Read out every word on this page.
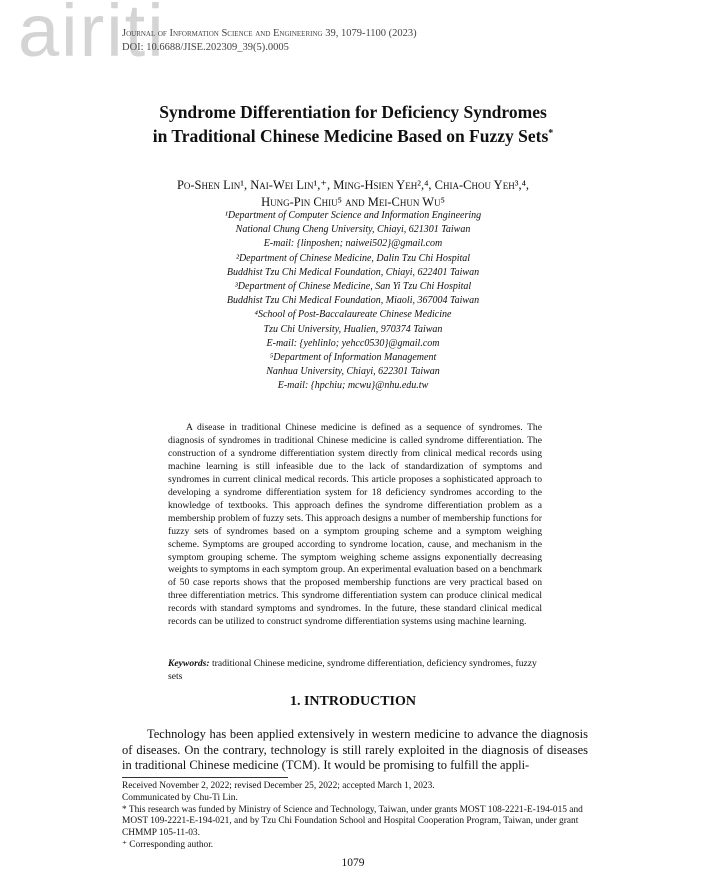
airiti
Journal of Information Science and Engineering 39, 1079-1100 (2023)
DOI: 10.6688/JISE.202309_39(5).0005
Syndrome Differentiation for Deficiency Syndromes
in Traditional Chinese Medicine Based on Fuzzy Sets*
Po-Shen Lin¹, Nai-Wei Lin¹,⁺, Ming-Hsien Yeh²,⁴, Chia-Chou Yeh³,⁴,
Hung-Pin Chiu⁵ and Mei-Chun Wu⁵
¹Department of Computer Science and Information Engineering
National Chung Cheng University, Chiayi, 621301 Taiwan
E-mail: {linposhen; naiwei502}@gmail.com
²Department of Chinese Medicine, Dalin Tzu Chi Hospital
Buddhist Tzu Chi Medical Foundation, Chiayi, 622401 Taiwan
³Department of Chinese Medicine, San Yi Tzu Chi Hospital
Buddhist Tzu Chi Medical Foundation, Miaoli, 367004 Taiwan
⁴School of Post-Baccalaureate Chinese Medicine
Tzu Chi University, Hualien, 970374 Taiwan
E-mail: {yehlinlo; yehcc0530}@gmail.com
⁵Department of Information Management
Nanhua University, Chiayi, 622301 Taiwan
E-mail: {hpchiu; mcwu}@nhu.edu.tw
A disease in traditional Chinese medicine is defined as a sequence of syndromes. The diagnosis of syndromes in traditional Chinese medicine is called syndrome differentiation. The construction of a syndrome differentiation system directly from clinical medical records using machine learning is still infeasible due to the lack of standardization of symptoms and syndromes in current clinical medical records. This article proposes a sophisticated approach to developing a syndrome differentiation system for 18 deficiency syndromes according to the knowledge of textbooks. This approach defines the syndrome differentiation problem as a membership problem of fuzzy sets. This approach designs a number of membership functions for fuzzy sets of syndromes based on a symptom grouping scheme and a symptom weighing scheme. Symptoms are grouped according to syndrome location, cause, and mechanism in the symptom grouping scheme. The symptom weighing scheme assigns exponentially decreasing weights to symptoms in each symptom group. An experimental evaluation based on a benchmark of 50 case reports shows that the proposed membership functions are very practical based on three differentiation metrics. This syndrome differentiation system can produce clinical medical records with standard symptoms and syndromes. In the future, these standard clinical medical records can be utilized to construct syndrome differentiation systems using machine learning.
Keywords: traditional Chinese medicine, syndrome differentiation, deficiency syndromes, fuzzy sets
1. INTRODUCTION
Technology has been applied extensively in western medicine to advance the diagnosis of diseases. On the contrary, technology is still rarely exploited in the diagnosis of diseases in traditional Chinese medicine (TCM). It would be promising to fulfill the appli-

Received November 2, 2022; revised December 25, 2022; accepted March 1, 2023.

Communicated by Chu-Ti Lin.

* This research was funded by Ministry of Science and Technology, Taiwan, under grants MOST 108-2221-E-194-015 and MOST 109-2221-E-194-021, and by Tzu Chi Foundation School and Hospital Cooperation Program, Taiwan, under grant CHMMP 105-11-03.

⁺ Corresponding author.

1079
